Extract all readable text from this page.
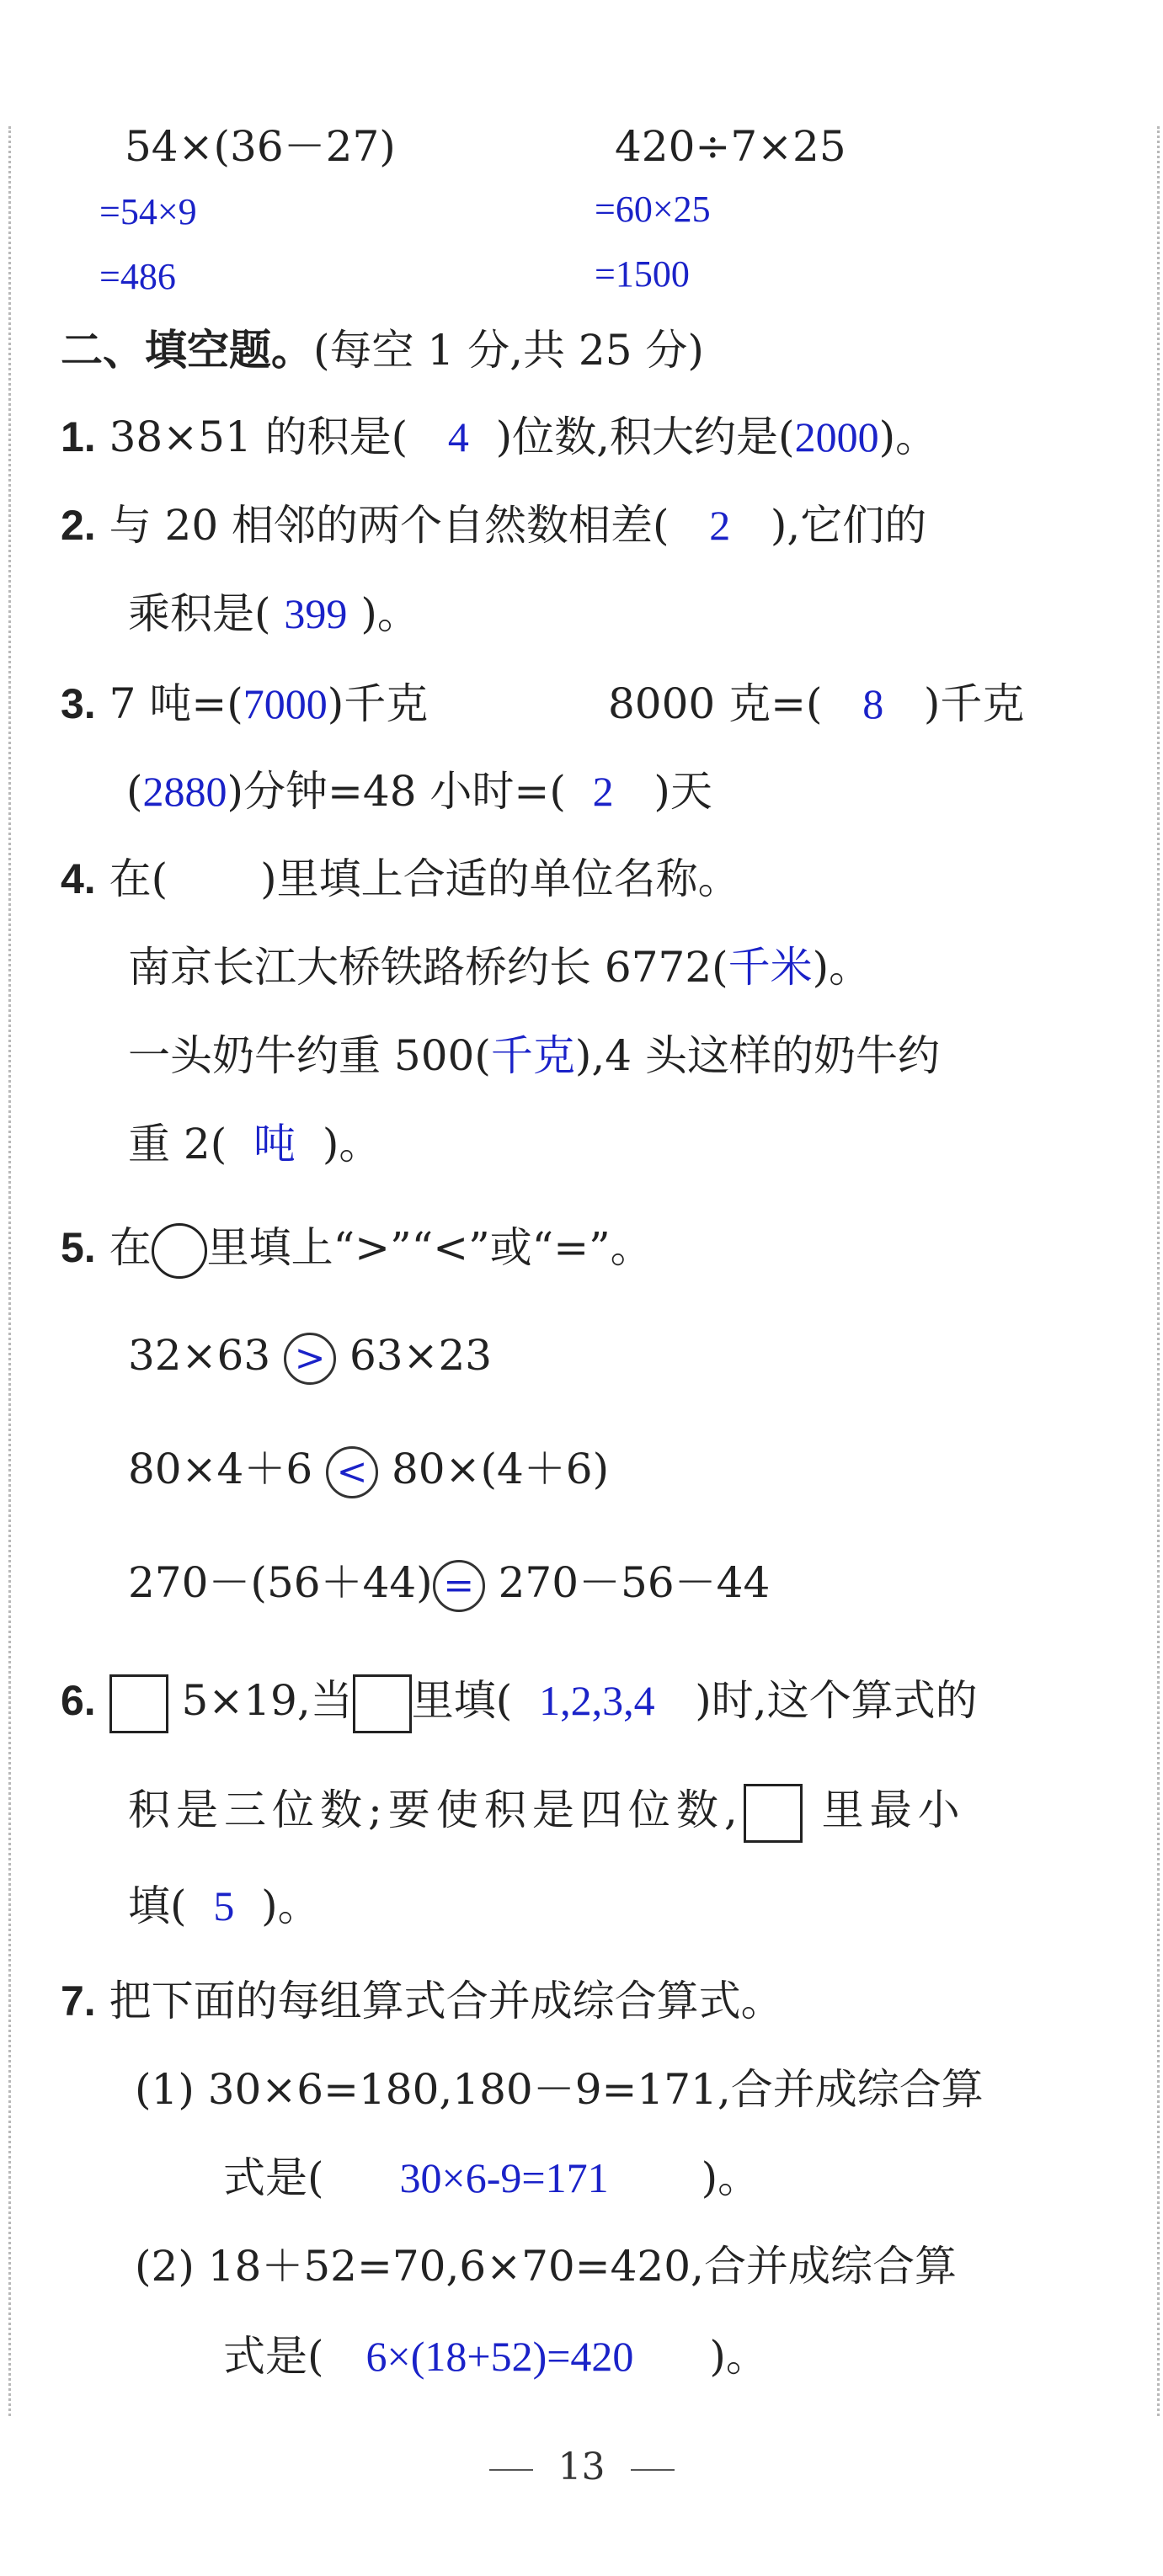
54×(36－27)
=54×9
=486
420÷7×25
=60×25
=1500
二、填空题。(每空 1 分,共 25 分)
1. 38×51 的积是( 4 )位数,积大约是(2000)。
2. 与 20 相邻的两个自然数相差( 2 ),它们的
乘积是( 399 )。
3. 7 吨=(7000)千克	8000 克=( 8 )千克
(2880)分钟=48 小时=( 2 )天
4. 在( )里填上合适的单位名称。
南京长江大桥铁路桥约长 6772(千米)。
一头奶牛约重 500(千克),4 头这样的奶牛约
重 2( 吨 )。
5. 在 里填上“>”“<”或“=”。
32×63 > 63×23
80×4＋6 < 80×(4＋6)
270－(56＋44) = 270－56－44
6. 5×19,当 里填( 1,2,3,4 )时,这个算式的
积是三位数;要使积是四位数, 里最小
填( 5 )。
7. 把下面的每组算式合并成综合算式。
(1) 30×6=180,180－9=171,合并成综合算
式是( 30×6-9=171 )。
(2) 18＋52=70,6×70=420,合并成综合算
式是( 6×(18+52)=420 )。
13
